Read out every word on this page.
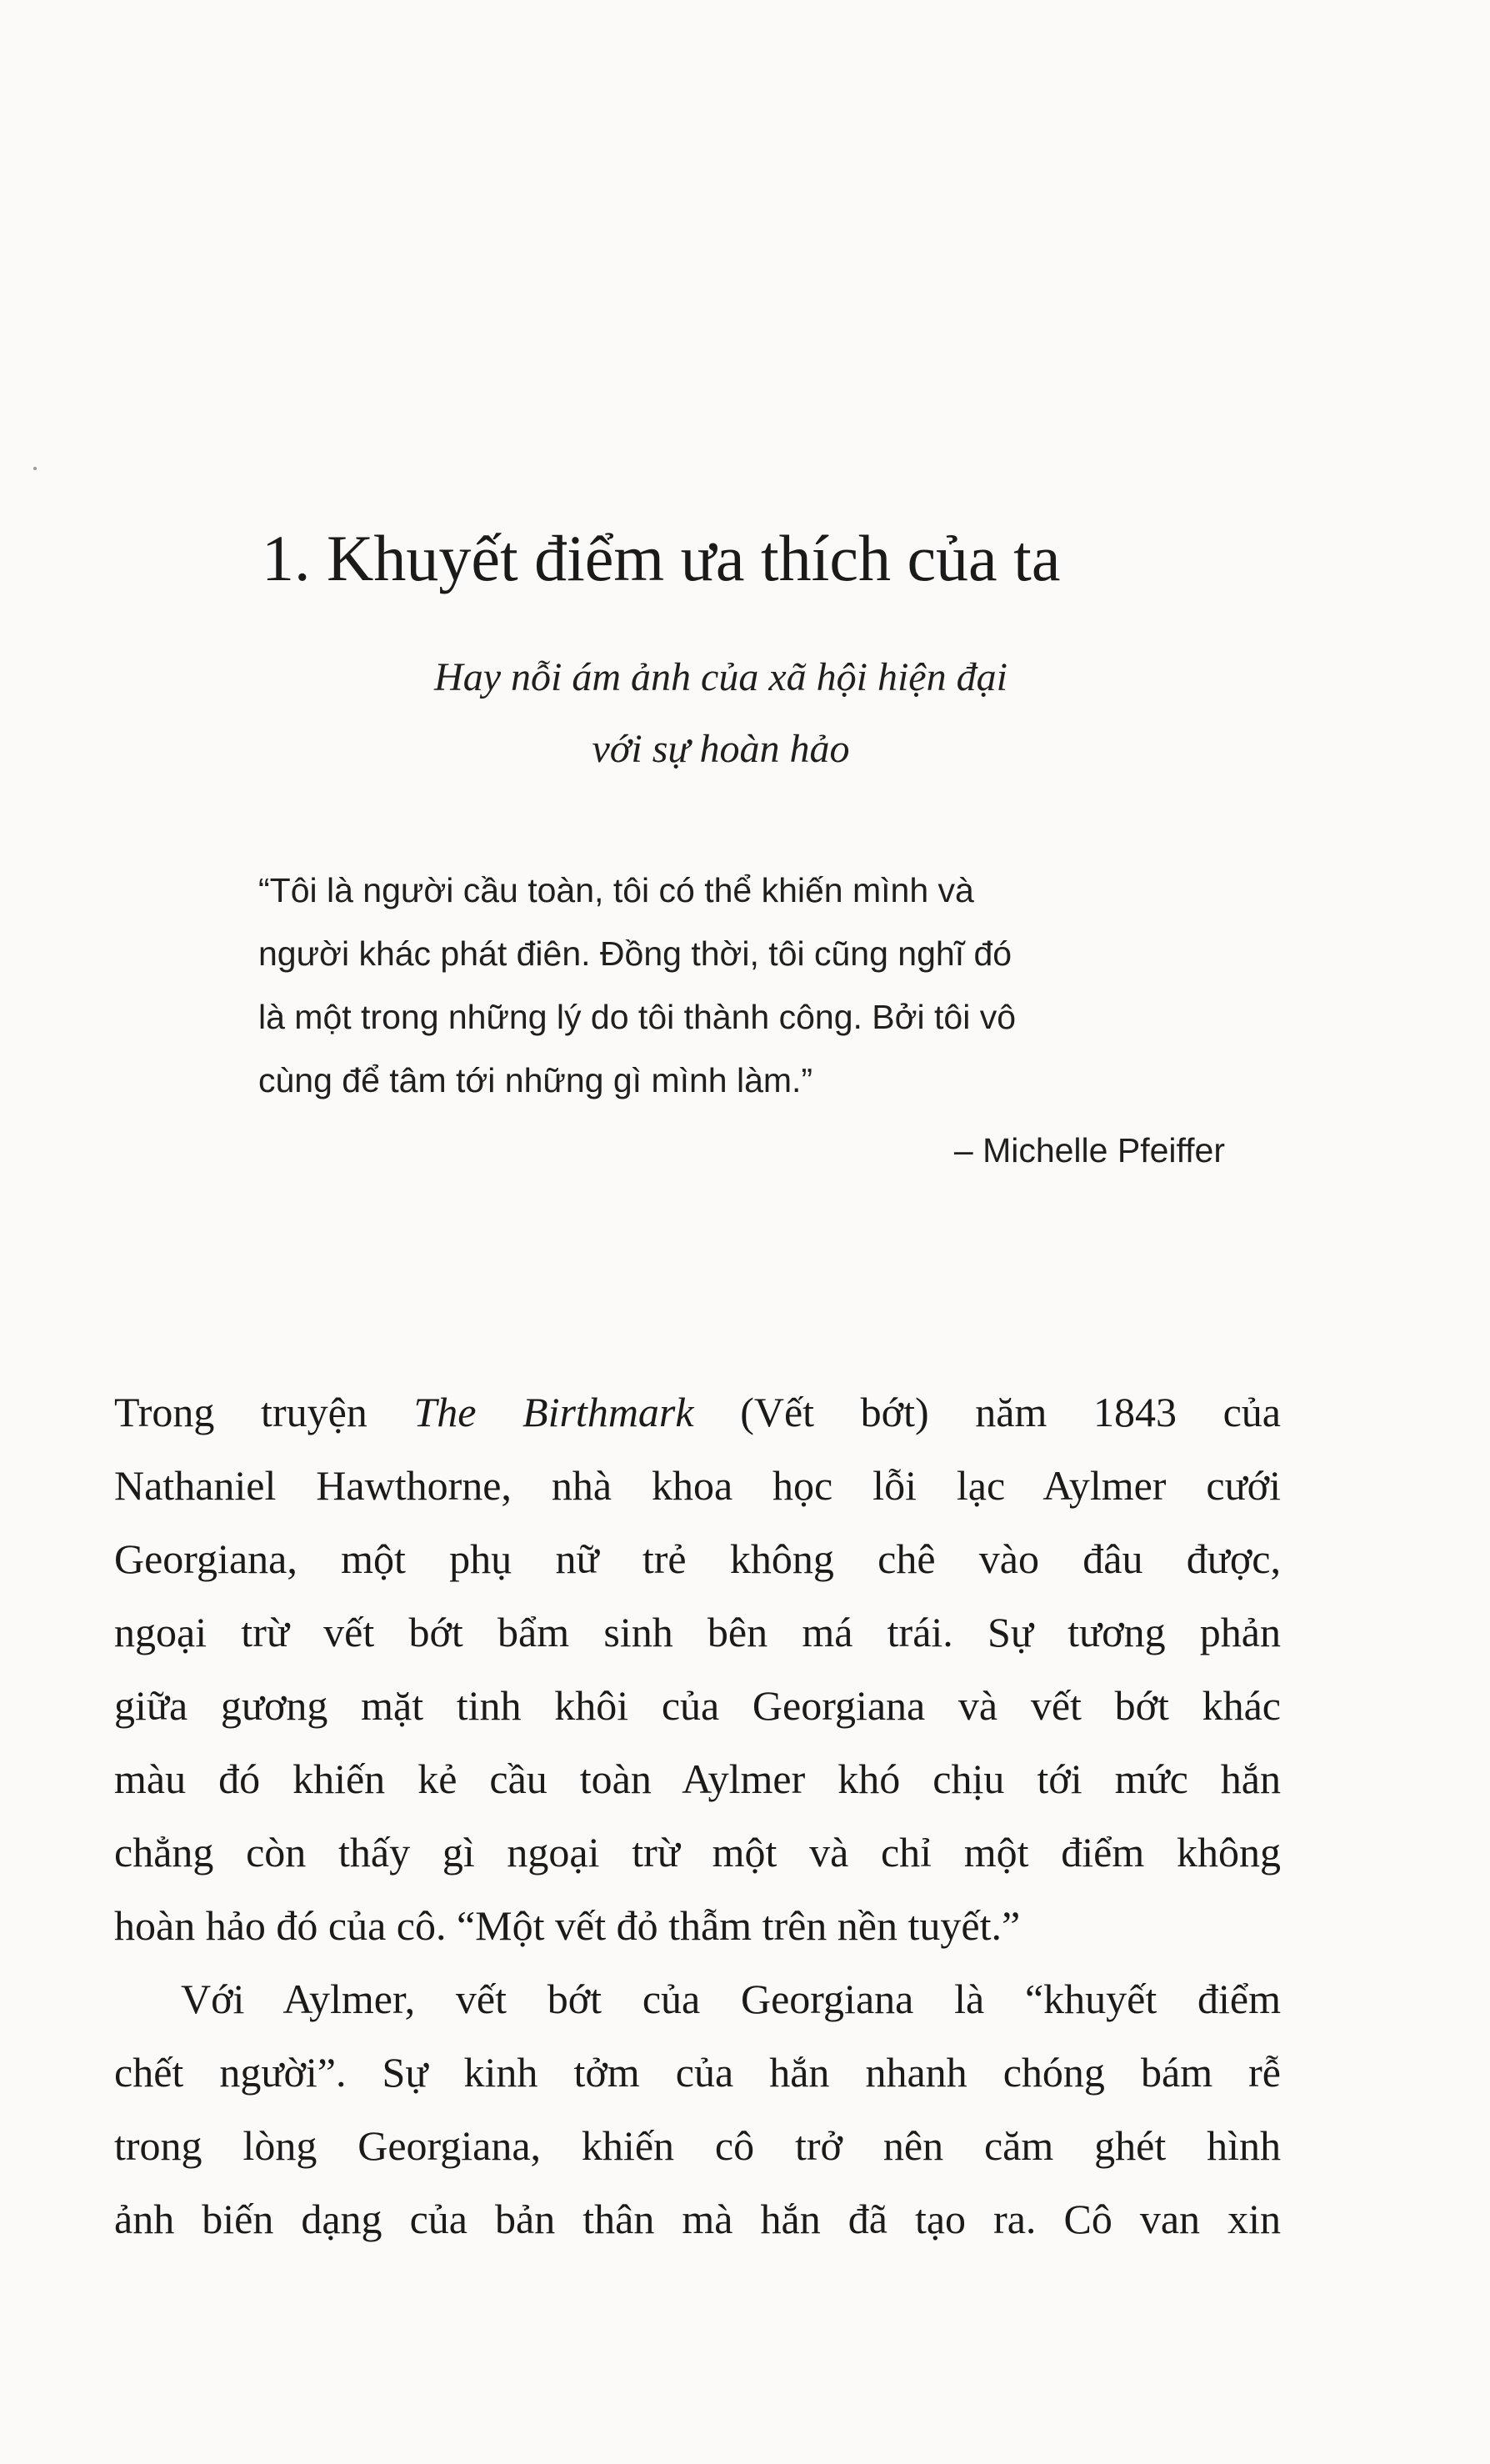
1. Khuyết điểm ưa thích của ta

Hay nỗi ám ảnh của xã hội hiện đại
với sự hoàn hảo

“Tôi là người cầu toàn, tôi có thể khiến mình và
người khác phát điên. Đồng thời, tôi cũng nghĩ đó
là một trong những lý do tôi thành công. Bởi tôi vô
cùng để tâm tới những gì mình làm.”

– Michelle Pfeiffer

Trong truyện The Birthmark (Vết bớt) năm 1843 của
Nathaniel Hawthorne, nhà khoa học lỗi lạc Aylmer cưới
Georgiana, một phụ nữ trẻ không chê vào đâu được,
ngoại trừ vết bớt bẩm sinh bên má trái. Sự tương phản
giữa gương mặt tinh khôi của Georgiana và vết bớt khác
màu đó khiến kẻ cầu toàn Aylmer khó chịu tới mức hắn
chẳng còn thấy gì ngoại trừ một và chỉ một điểm không
hoàn hảo đó của cô. “Một vết đỏ thẫm trên nền tuyết.”
Với Aylmer, vết bớt của Georgiana là “khuyết điểm
chết người”. Sự kinh tởm của hắn nhanh chóng bám rễ
trong lòng Georgiana, khiến cô trở nên căm ghét hình
ảnh biến dạng của bản thân mà hắn đã tạo ra. Cô van xin
